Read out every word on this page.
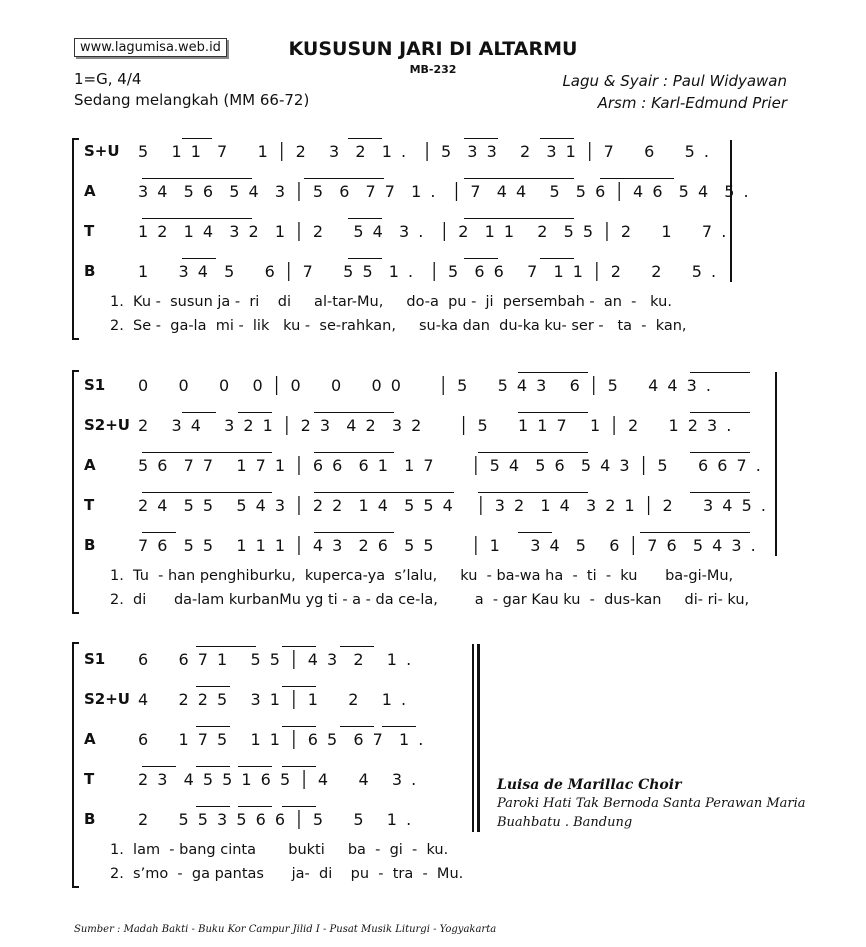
www.lagumisa.web.id	KUSUSUN JARI DI ALTARMU
MB-232
1=G, 4/4
Sedang melangkah (MM 66-72)
Lagu & Syair : Paul Widyawan
Arsm : Karl-Edmund Prier
S+U 5   1 1  7    1 │ 2   3  2  1 .  │ 5  3 3   2  3 1 │ 7    6    5 .
A	3 4  5 6  5 4  3 │ 5  6  7 7  1 .  │ 7  4 4   5  5 6 │ 4 6  5 4  5 .
T	1 2  1 4  3 2  1 │ 2    5 4  3 .  │ 2  1 1   2  5 5 │ 2    1    7 .
B	1    3 4  5    6 │ 7    5 5  1 .  │ 5  6 6   7  1 1 │ 2    2    5 .
1.  Ku -  susun ja -  ri    di     al-tar-Mu,     do-a  pu -  ji  persembah -  an  -   ku.
2.  Se -  ga-la  mi -  lik   ku -  se-rahkan,     su-ka dan  du-ka ku- ser -   ta  -  kan,
S1 0    0    0   0 │ 0    0    0 0     │ 5    5 4 3   6 │ 5    4 4 3 .
S2+U 2   3 4   3 2 1 │ 2 3  4 2  3 2     │ 5    1 1 7   1 │ 2    1 2 3 .
A	5 6  7 7   1 7 1 │ 6 6  6 1  1 7     │ 5 4  5 6  5 4 3 │ 5    6 6 7 .
T	2 4  5 5   5 4 3 │ 2 2  1 4  5 5 4   │ 3 2  1 4  3 2 1 │ 2    3 4 5 .
B	7 6  5 5   1 1 1 │ 4 3  2 6  5 5     │ 1    3 4  5   6 │ 7 6  5 4 3 .
1.  Tu  - han penghiburku,  kuperca-ya  s’lalu,     ku  - ba-wa ha  -  ti  -  ku      ba-gi-Mu,
2.  di      da-lam kurbanMu yg ti - a - da ce-la,        a  - gar Kau ku  -  dus-kan     di- ri- ku,
S1 6    6 7 1   5 5 │ 4 3  2   1 .
S2+U 4    2 2 5   3 1 │ 1    2   1 .
A	6    1 7 5   1 1 │ 6 5  6 7  1 .
T	2 3  4 5 5 1 6 5 │ 4    4   3 .
B	2    5 5 3 5 6 6 │ 5    5   1 .
1.  lam  - bang cinta       bukti     ba  -  gi  -  ku.
2.  s’mo  -  ga pantas      ja-  di    pu  -  tra  -  Mu.
Luisa de Marillac Choir
Paroki Hati Tak Bernoda Santa Perawan Maria
Buahbatu . Bandung
Sumber : Madah Bakti - Buku Kor Campur Jilid I - Pusat Musik Liturgi - Yogyakarta
